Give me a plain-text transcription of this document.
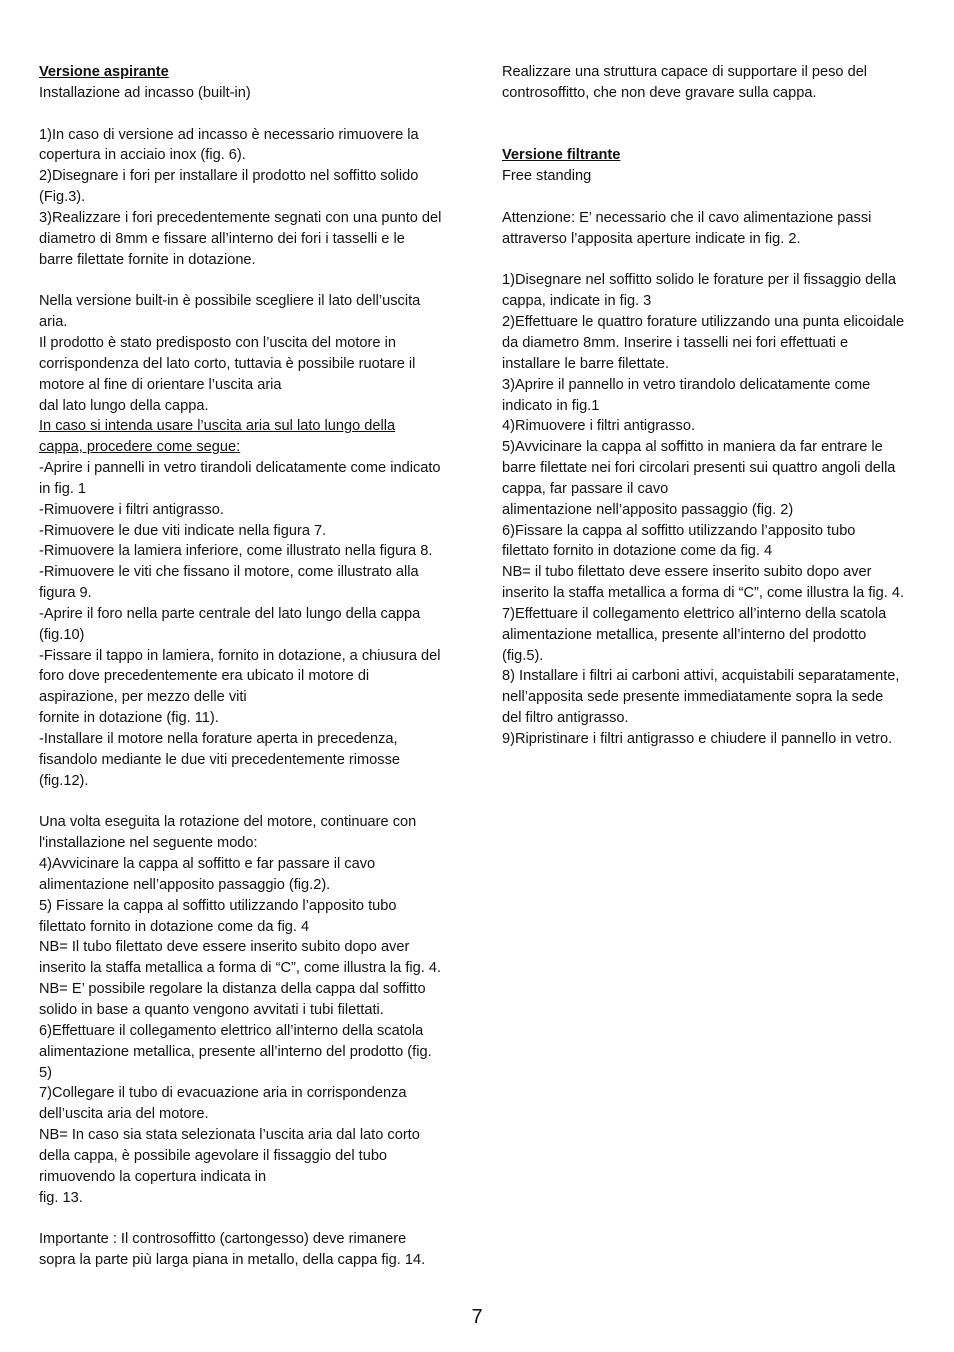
Versione aspirante
Installazione ad incasso (built-in)
1)In caso di versione ad incasso è necessario rimuovere la
copertura in acciaio inox (fig. 6).
2)Disegnare i fori per installare il prodotto nel soffitto solido
(Fig.3).
3)Realizzare i fori precedentemente segnati con una punto del
diametro di 8mm e fissare all’interno dei fori i tasselli e le
barre filettate fornite in dotazione.
Nella versione built-in è possibile scegliere il lato dell’uscita
aria.
Il prodotto è stato predisposto con l’uscita del motore in
corrispondenza del lato corto, tuttavia è possibile ruotare il
motore al fine di orientare l’uscita aria
dal lato lungo della cappa.
In caso si intenda usare l’uscita aria sul lato lungo della
cappa, procedere come segue:
-Aprire i pannelli in vetro tirandoli delicatamente come indicato
in fig. 1
-Rimuovere i filtri antigrasso.
-Rimuovere le due viti indicate nella figura 7.
-Rimuovere la lamiera inferiore, come illustrato nella figura 8.
-Rimuovere le viti che fissano il motore, come illustrato alla
figura 9.
-Aprire il foro nella parte centrale del lato lungo della cappa
(fig.10)
-Fissare il tappo in lamiera, fornito in dotazione, a chiusura del
foro dove precedentemente era ubicato il motore di
aspirazione, per mezzo delle viti
fornite in dotazione (fig. 11).
-Installare il motore nella forature aperta in precedenza,
fisandolo mediante le due viti precedentemente rimosse
(fig.12).
Una volta eseguita la rotazione del motore, continuare con
l'installazione nel seguente modo:
4)Avvicinare la cappa al soffitto e far passare il cavo
alimentazione nell’apposito passaggio (fig.2).
5) Fissare la cappa al soffitto utilizzando l’apposito tubo
filettato fornito in dotazione come da fig. 4
NB= Il tubo filettato deve essere inserito subito dopo aver
inserito la staffa metallica a forma di “C”, come illustra la fig. 4.
NB= E’ possibile regolare la distanza della cappa dal soffitto
solido in base a quanto vengono avvitati i tubi filettati.
6)Effettuare il collegamento elettrico all’interno della scatola
alimentazione metallica, presente all’interno del prodotto (fig.
5)
7)Collegare il tubo di evacuazione aria in corrispondenza
dell’uscita aria del motore.
NB= In caso sia stata selezionata l’uscita aria dal lato corto
della cappa, è possibile agevolare il fissaggio del tubo
rimuovendo la copertura indicata in
fig. 13.
Importante : Il controsoffitto (cartongesso) deve rimanere
sopra la parte più larga piana in metallo, della cappa fig. 14.
Realizzare una struttura capace di supportare il peso del
controsoffitto, che non deve gravare sulla cappa.
Versione filtrante
Free standing
Attenzione: E’ necessario che il cavo alimentazione passi
attraverso l’apposita aperture indicate in fig. 2.
1)Disegnare nel soffitto solido le forature per il fissaggio della
cappa, indicate in fig. 3
2)Effettuare le quattro forature utilizzando una punta elicoidale
da diametro 8mm. Inserire i tasselli nei fori effettuati e
installare le barre filettate.
3)Aprire il pannello in vetro tirandolo delicatamente come
indicato in fig.1
4)Rimuovere i filtri antigrasso.
5)Avvicinare la cappa al soffitto in maniera da far entrare le
barre filettate nei fori circolari presenti sui quattro angoli della
cappa, far passare il cavo
alimentazione nell’apposito passaggio (fig. 2)
6)Fissare la cappa al soffitto utilizzando l’apposito tubo
filettato fornito in dotazione come da fig. 4
NB= il tubo filettato deve essere inserito subito dopo aver
inserito la staffa metallica a forma di “C”, come illustra la fig. 4.
7)Effettuare il collegamento elettrico all’interno della scatola
alimentazione metallica, presente all’interno del prodotto
(fig.5).
8) Installare i filtri ai carboni attivi, acquistabili separatamente,
nell’apposita sede presente immediatamente sopra la sede
del filtro antigrasso.
9)Ripristinare i filtri antigrasso e chiudere il pannello in vetro.
7
